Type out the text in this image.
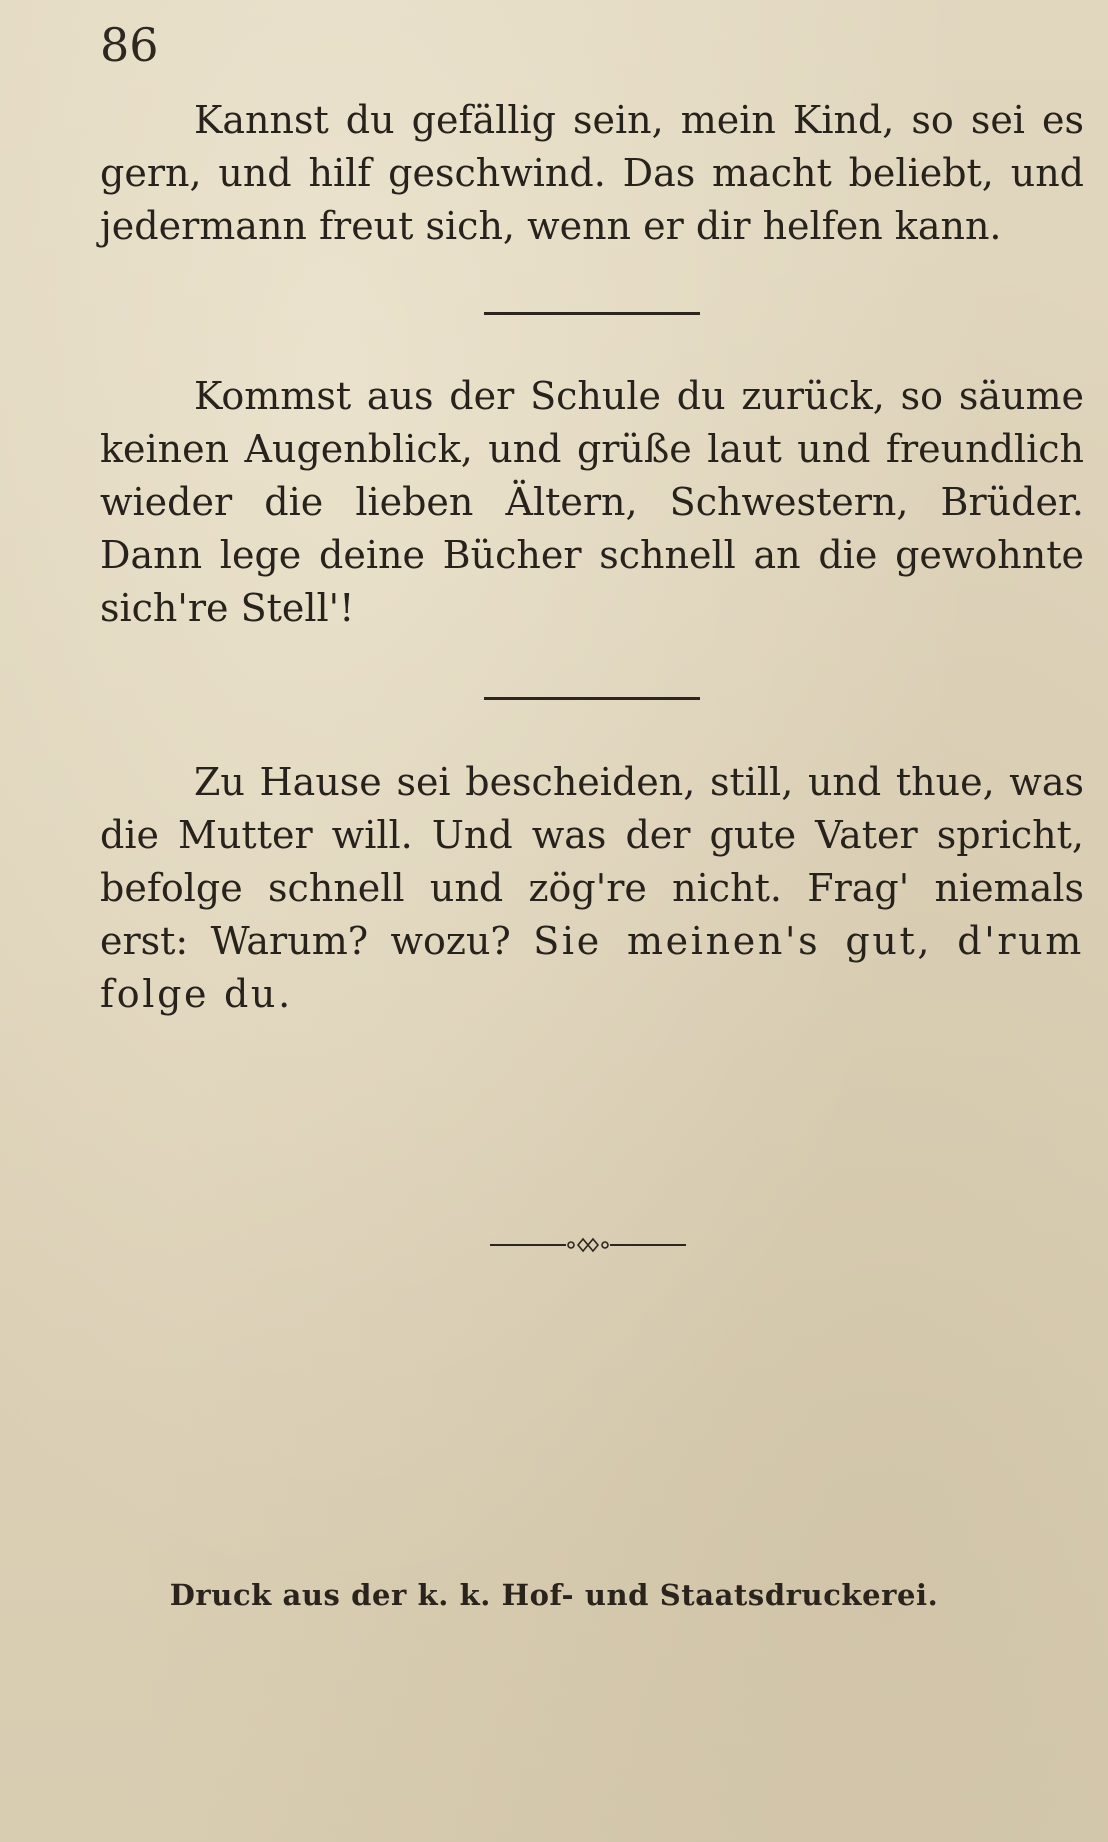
86

Kannst du gefällig sein, mein Kind, so sei es gern, und hilf geschwind. Das macht beliebt, und jedermann freut sich, wenn er dir helfen kann.

Kommst aus der Schule du zurück, so säume keinen Augenblick, und grüße laut und freundlich wieder die lieben Ältern, Schwestern, Brüder. Dann lege deine Bücher schnell an die gewohnte sich're Stell'!

Zu Hause sei bescheiden, still, und thue, was die Mutter will. Und was der gute Vater spricht, befolge schnell und zög're nicht. Frag' niemals erst: Warum? wozu? Sie meinen's gut, d'rum folge du.

Druck aus der k. k. Hof- und Staatsdruckerei.
